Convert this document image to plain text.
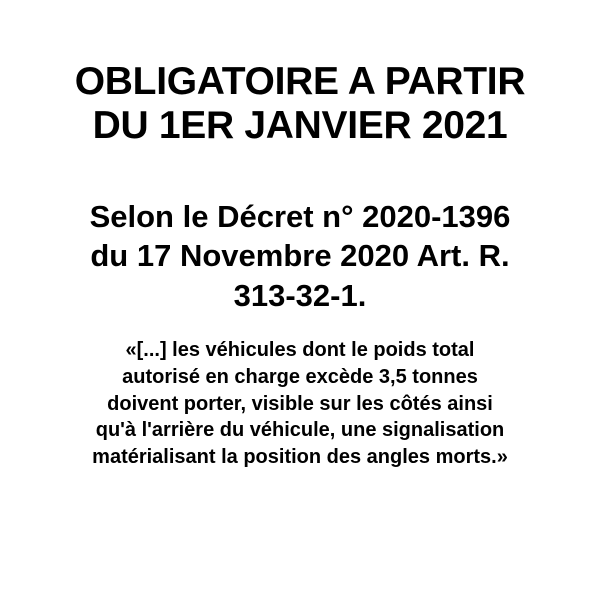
OBLIGATOIRE A PARTIR
DU 1ER JANVIER 2021
Selon le Décret n° 2020-1396
du 17 Novembre 2020 Art. R.
313-32-1.
«[...] les véhicules dont le poids total
autorisé en charge excède 3,5 tonnes
doivent porter, visible sur les côtés ainsi
qu'à l'arrière du véhicule, une signalisation
matérialisant la position des angles morts.»
